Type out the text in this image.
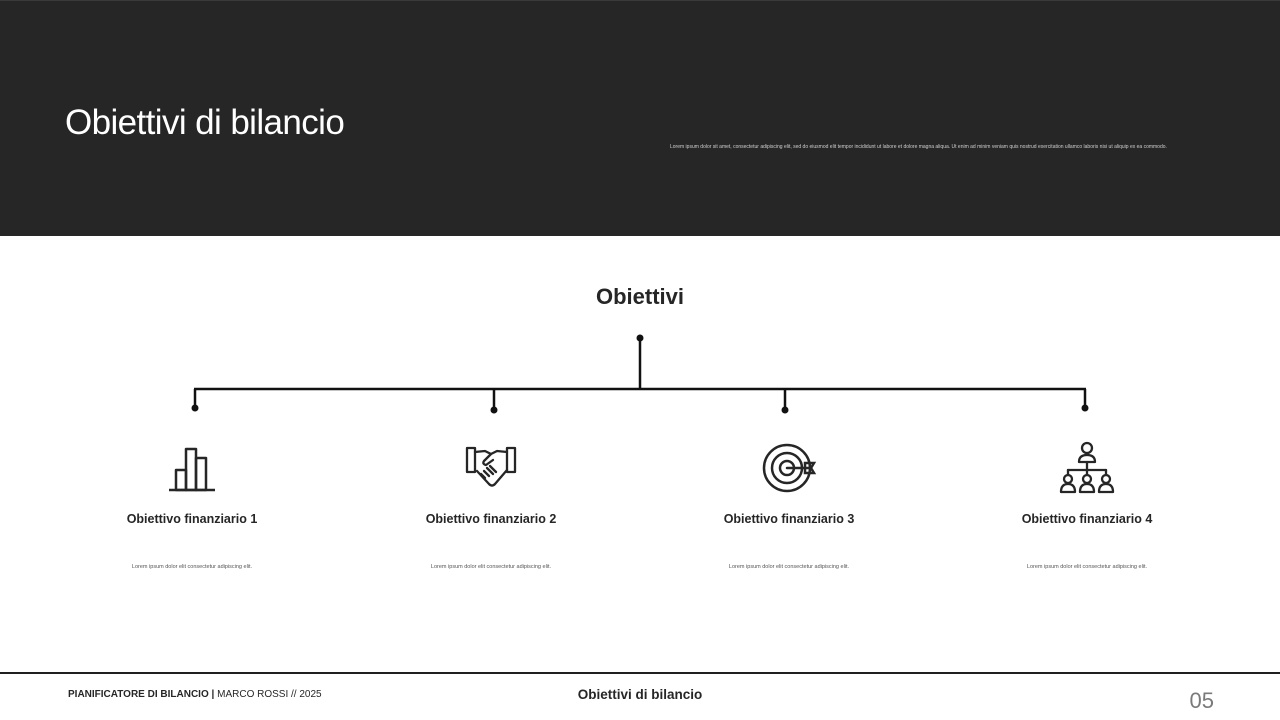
Obiettivi di bilancio
Lorem ipsum dolor sit amet, consectetur adipiscing elit, sed do eiusmod elit tempor incididunt ut labore et dolore magna aliqua. Ut enim ad minim veniam quis nostrud exercitation ullamco laboris nisi ut aliquip ex ea commodo.
Obiettivi
Obiettivo finanziario 1
Lorem ipsum dolor elit consectetur adipiscing elit.
Obiettivo finanziario 2
Lorem ipsum dolor elit consectetur adipiscing elit.
Obiettivo finanziario 3
Lorem ipsum dolor elit consectetur adipiscing elit.
Obiettivo finanziario 4
Lorem ipsum dolor elit consectetur adipiscing elit.
PIANIFICATORE DI BILANCIO | MARCO ROSSI // 2025	Obiettivi di bilancio	05
